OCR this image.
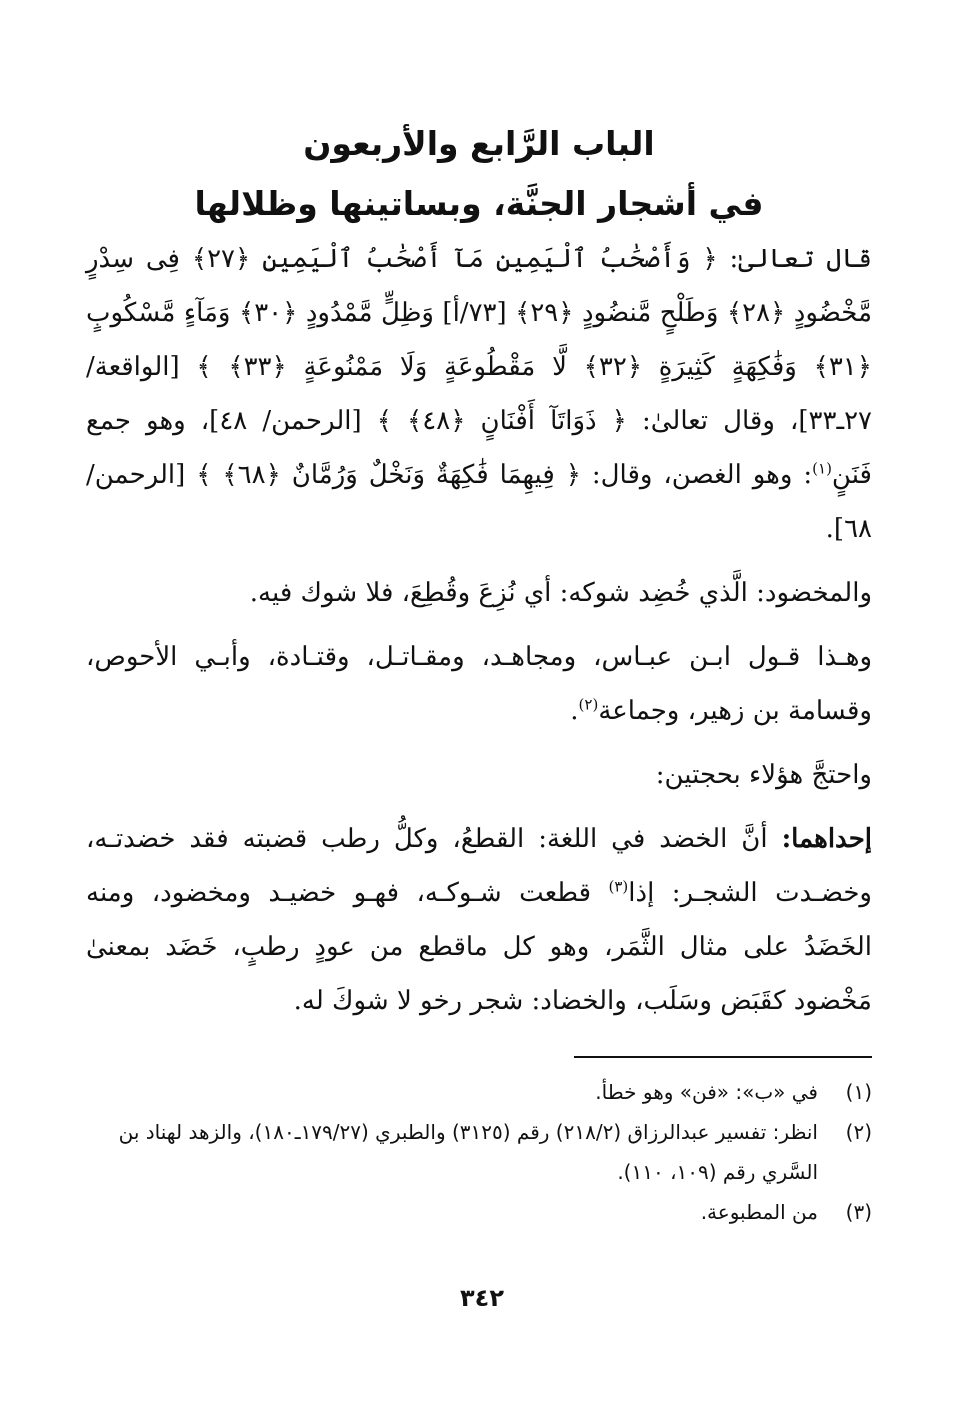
الباب الرَّابع والأربعون
في أشجار الجنَّة، وبساتينها وظلالها

قال تعالىٰ: ﴿ وَأَصْحَٰبُ ٱلْيَمِينِ مَآ أَصْحَٰبُ ٱلْيَمِينِ ﴿٢٧﴾ فِى سِدْرٍ مَّخْضُودٍ ﴿٢٨﴾ وَطَلْحٍ مَّنضُودٍ ﴿٢٩﴾ [٧٣/أ] وَظِلٍّ مَّمْدُودٍ ﴿٣٠﴾ وَمَآءٍ مَّسْكُوبٍ ﴿٣١﴾ وَفَٰكِهَةٍ كَثِيرَةٍ ﴿٣٢﴾ لَّا مَقْطُوعَةٍ وَلَا مَمْنُوعَةٍ ﴿٣٣﴾ ﴾ [الواقعة/ ٢٧ـ٣٣]، وقال تعالىٰ: ﴿ ذَوَاتَآ أَفْنَانٍ ﴿٤٨﴾ ﴾ [الرحمن/ ٤٨]، وهو جمع فَنَنٍ$^{(١)}$: وهو الغصن، وقال: ﴿ فِيهِمَا فَٰكِهَةٌ وَنَخْلٌ وَرُمَّانٌ ﴿٦٨﴾ ﴾ [الرحمن/ ٦٨].

والمخضود: الَّذي خُضِد شوكه: أي نُزِعَ وقُطِعَ، فلا شوك فيه.

وهـذا قـول ابـن عبـاس، ومجاهـد، ومقـاتـل، وقتـادة، وأبـي الأحوص، وقسامة بن زهير، وجماعة$^{(٢)}$.

واحتجَّ هؤلاء بحجتين:

إحداهما: أنَّ الخضد في اللغة: القطعُ، وكلُّ رطب قضبته فقد خضدتـه، وخضـدت الشجـر: إذا$^{(٣)}$ قطعت شـوكـه، فهـو خضيـد ومخضود، ومنه الخَضَدُ على مثال الثَّمَر، وهو كل ماقطع من عودٍ رطبٍ، خَضَد بمعنىٰ مَخْضود كقَبَض وسَلَب، والخضاد: شجر رخو لا شوكَ له.

(١)
في «ب»: «فن» وهو خطأ.
(٢)
انظر: تفسير عبدالرزاق (٢١٨/٢) رقم (٣١٢٥) والطبري (١٧٩/٢٧ـ١٨٠)، والزهد لهناد بن السَّري رقم (١٠٩، ١١٠).
(٣)
من المطبوعة.
٣٤٢
